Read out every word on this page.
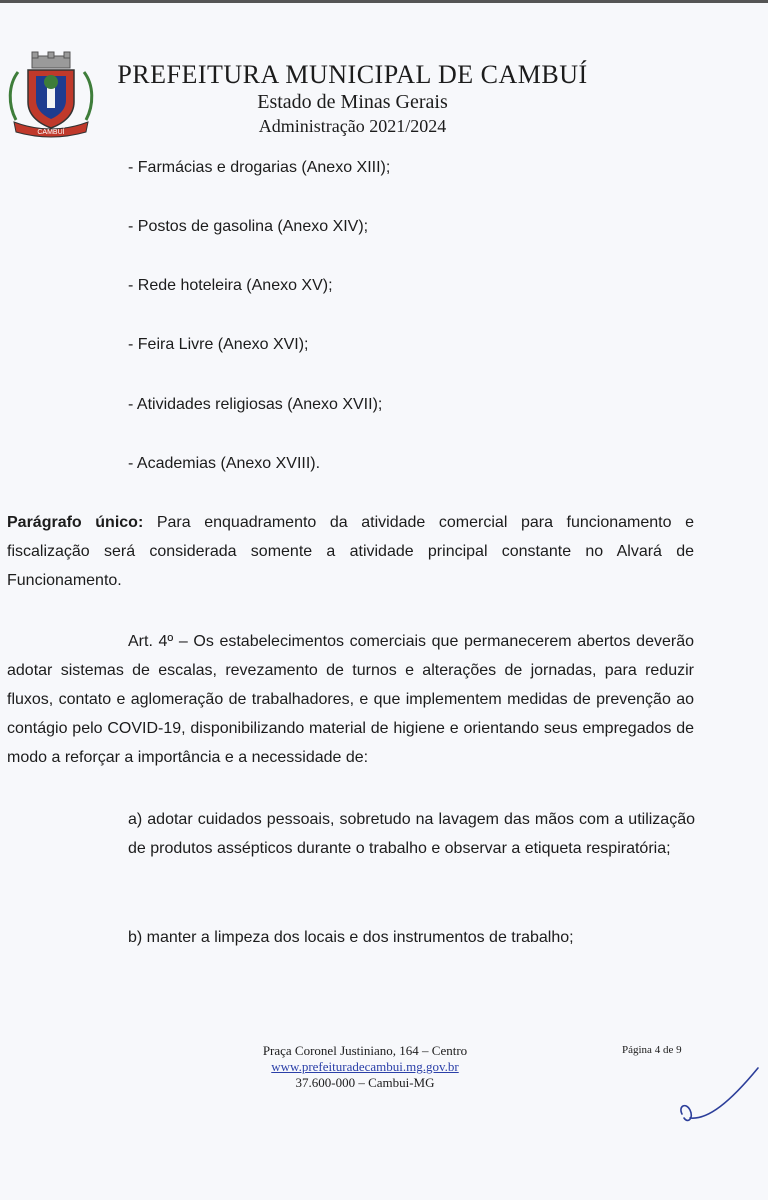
CAMBUÍ
PREFEITURA MUNICIPAL DE CAMBUÍ
Estado de Minas Gerais
Administração 2021/2024
- Farmácias e drogarias (Anexo XIII);
- Postos de gasolina (Anexo XIV);
- Rede hoteleira (Anexo XV);
- Feira Livre (Anexo XVI);
- Atividades religiosas (Anexo XVII);
- Academias (Anexo XVIII).
Parágrafo único: Para enquadramento da atividade comercial para funcionamento e fiscalização será considerada somente a atividade principal constante no Alvará de Funcionamento.
Art. 4º – Os estabelecimentos comerciais que permanecerem abertos deverão adotar sistemas de escalas, revezamento de turnos e alterações de jornadas, para reduzir fluxos, contato e aglomeração de trabalhadores, e que implementem medidas de prevenção ao contágio pelo COVID-19, disponibilizando material de higiene e orientando seus empregados de modo a reforçar a importância e a necessidade de:
a) adotar cuidados pessoais, sobretudo na lavagem das mãos com a utilização de produtos assépticos durante o trabalho e observar a etiqueta respiratória;
b) manter a limpeza dos locais e dos instrumentos de trabalho;
Praça Coronel Justiniano, 164 – Centro
www.prefeituradecambui.mg.gov.br
37.600-000 – Cambui-MG
Página 4 de 9
